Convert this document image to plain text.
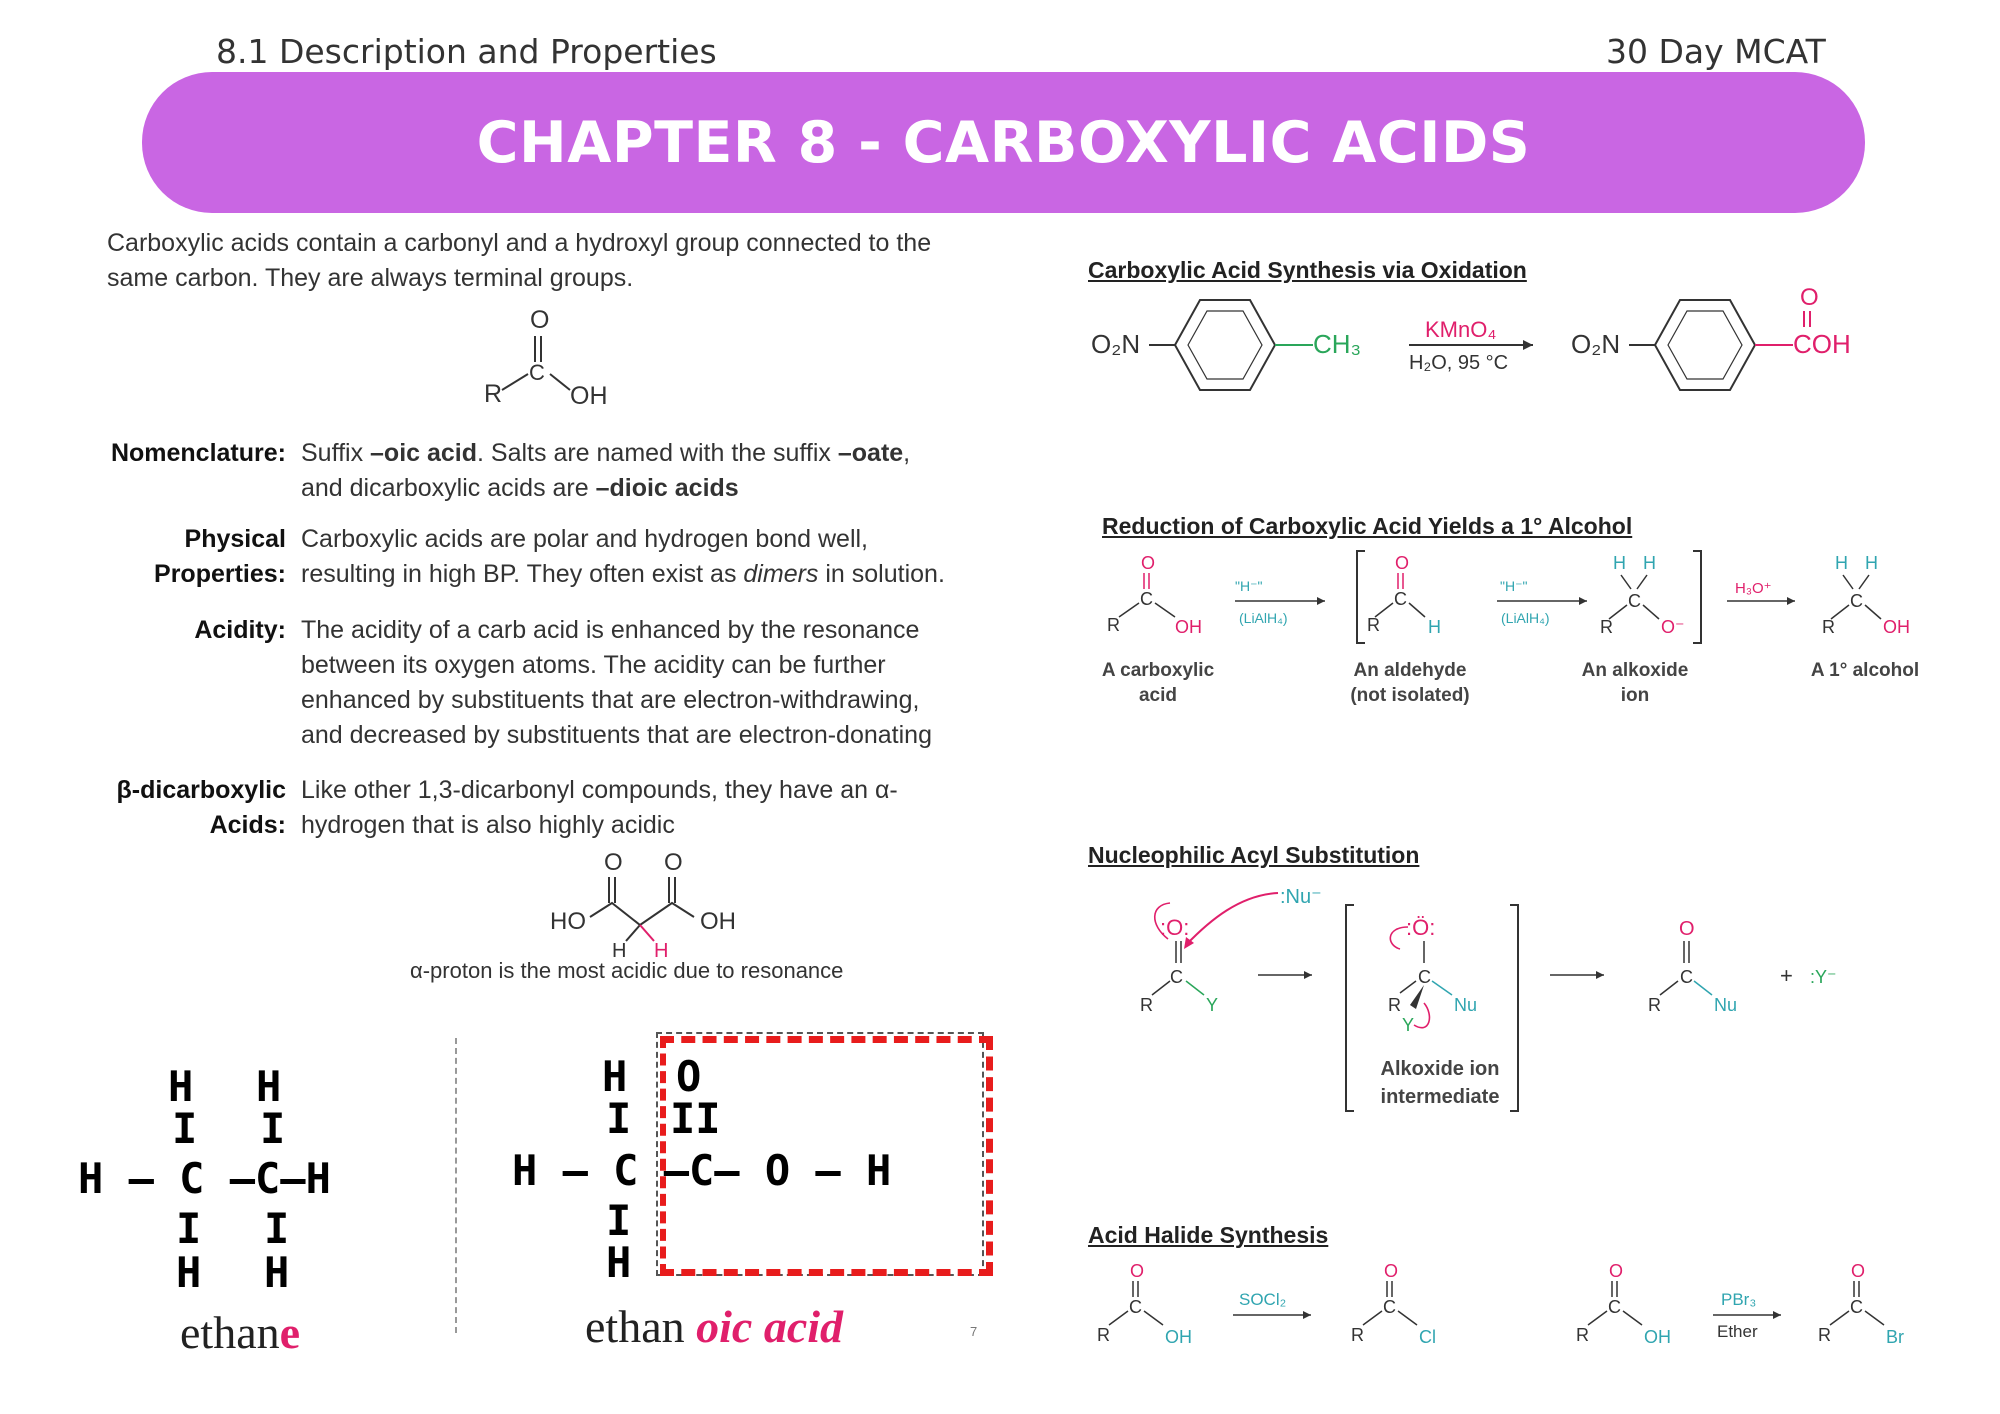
8.1 Description and Properties	30 Day MCAT
CHAPTER 8 - CARBOXYLIC ACIDS
Carboxylic acids contain a carbonyl and a hydroxyl group connected to the
same carbon. They are always terminal groups.
O
C
R	OH
Nomenclature: Suffix –oic acid. Salts are named with the suffix –oate,
and dicarboxylic acids are –dioic acids
Physical
Properties:
Carboxylic acids are polar and hydrogen bond well,
resulting in high BP. They often exist as dimers in solution.
Acidity: The acidity of a carb acid is enhanced by the resonance
between its oxygen atoms. The acidity can be further
enhanced by substituents that are electron-withdrawing,
and decreased by substituents that are electron-donating
β-dicarboxylic
Acids:
Like other 1,3-dicarbonyl compounds, they have an α-
hydrogen that is also highly acidic
O O
HO	OH
H H
α-proton is the most acidic due to resonance
H H
I I
H — C —C—H
I I
H H
ethane
H O
I II
H — C –C— O — H
I
H
ethan oic acid	7
Carboxylic Acid Synthesis via Oxidation
O₂N	CH₃	KMnO₄
H₂O, 95 °C
O₂N
O
COH
Reduction of Carboxylic Acid Yields a 1° Alcohol
O
C
R	OH
"H⁻"
(LiAlH₄)
O
C
R	H
"H⁻"
(LiAlH₄)
H H
C
R	O⁻
H₃O⁺
H H
C
R	OH
A carboxylic
acid
An aldehyde
(not isolated)
An alkoxide
ion
A 1° alcohol
Nucleophilic Acyl Substitution
:Nu⁻
:O:
C
R	Y
:Ö:
C
R	Nu
Y
O
C
R	Nu
+ :Y⁻
Alkoxide ion
intermediate
Acid Halide Synthesis
O
C
R	OH
SOCl₂
O
C
R	Cl
O
C
R	OH
PBr₃
Ether
O
C
R	Br
